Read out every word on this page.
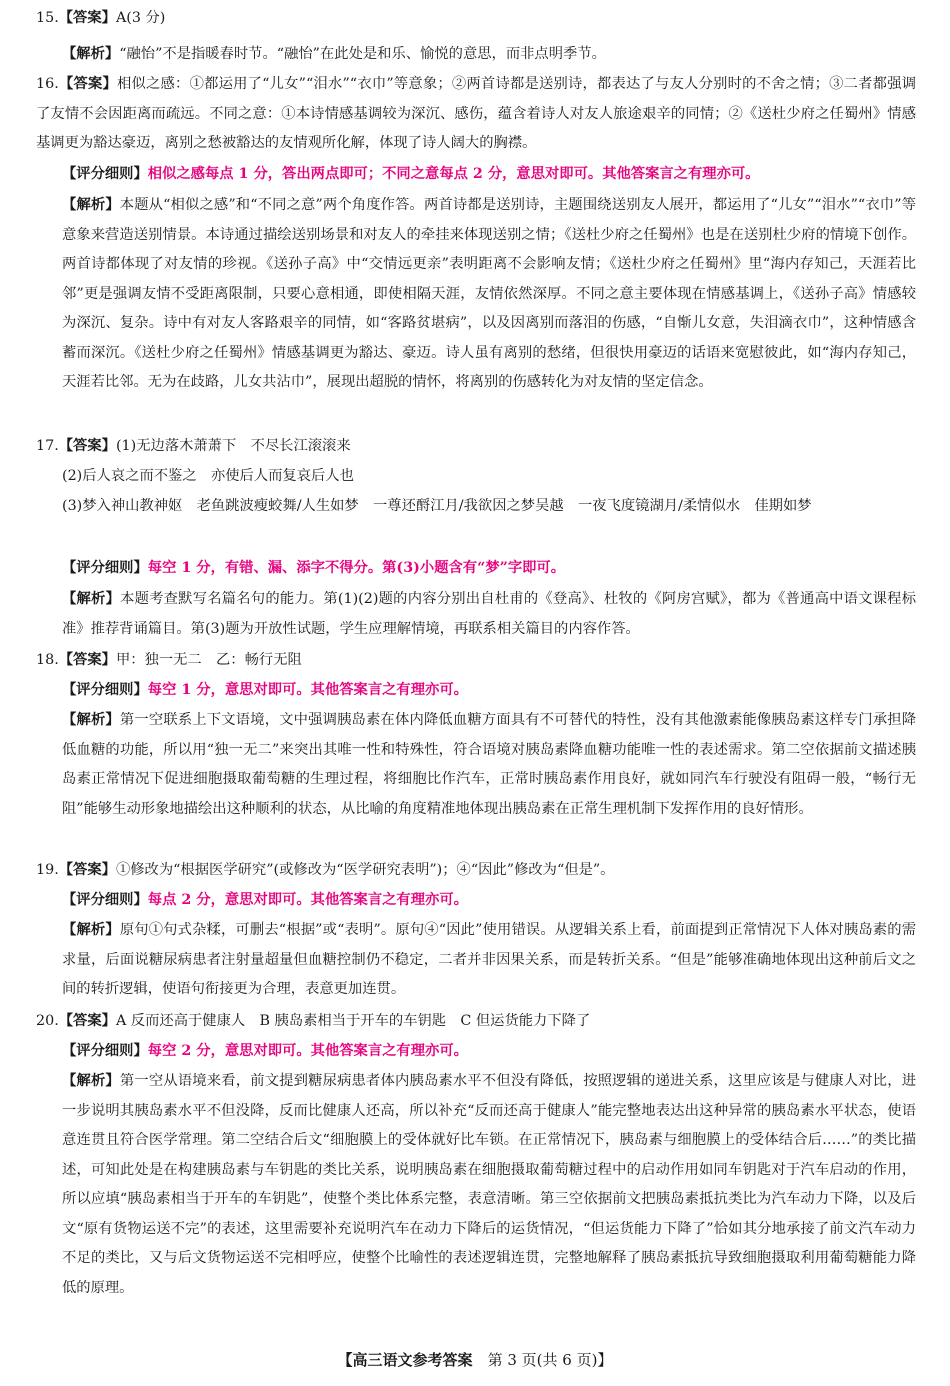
15.【答案】A(3 分)

【解析】“融怡”不是指暖春时节。“融怡”在此处是和乐、愉悦的意思，而非点明季节。

16.【答案】相似之感：①都运用了“儿女”“泪水”“衣巾”等意象；②两首诗都是送别诗，都表达了与友人分别时的不舍之情；③二者都强调了友情不会因距离而疏远。不同之意：①本诗情感基调较为深沉、感伤，蕴含着诗人对友人旅途艰辛的同情；②《送杜少府之任蜀州》情感基调更为豁达豪迈，离别之愁被豁达的友情观所化解，体现了诗人阔大的胸襟。

【评分细则】相似之感每点 1 分，答出两点即可；不同之意每点 2 分，意思对即可。其他答案言之有理亦可。

【解析】本题从“相似之感”和“不同之意”两个角度作答。两首诗都是送别诗，主题围绕送别友人展开，都运用了“儿女”“泪水”“衣巾”等意象来营造送别情景。本诗通过描绘送别场景和对友人的牵挂来体现送别之情；《送杜少府之任蜀州》也是在送别杜少府的情境下创作。两首诗都体现了对友情的珍视。《送孙子高》中“交情远更亲”表明距离不会影响友情；《送杜少府之任蜀州》里“海内存知己，天涯若比邻”更是强调友情不受距离限制，只要心意相通，即使相隔天涯，友情依然深厚。不同之意主要体现在情感基调上，《送孙子高》情感较为深沉、复杂。诗中有对友人客路艰辛的同情，如“客路贫堪病”，以及因离别而落泪的伤感，“自惭儿女意，失泪滴衣巾”，这种情感含蓄而深沉。《送杜少府之任蜀州》情感基调更为豁达、豪迈。诗人虽有离别的愁绪，但很快用豪迈的话语来宽慰彼此，如“海内存知己，天涯若比邻。无为在歧路，儿女共沾巾”，展现出超脱的情怀，将离别的伤感转化为对友情的坚定信念。

17.【答案】(1)无边落木萧萧下　不尽长江滚滚来

(2)后人哀之而不鉴之　亦使后人而复哀后人也

(3)梦入神山教神妪　老鱼跳波瘦蛟舞/人生如梦　一尊还酹江月/我欲因之梦吴越　一夜飞度镜湖月/柔情似水　佳期如梦

【评分细则】每空 1 分，有错、漏、添字不得分。第(3)小题含有“梦”字即可。

【解析】本题考查默写名篇名句的能力。第(1)(2)题的内容分别出自杜甫的《登高》、杜牧的《阿房宫赋》，都为《普通高中语文课程标准》推荐背诵篇目。第(3)题为开放性试题，学生应理解情境，再联系相关篇目的内容作答。

18.【答案】甲：独一无二　乙：畅行无阻

【评分细则】每空 1 分，意思对即可。其他答案言之有理亦可。

【解析】第一空联系上下文语境，文中强调胰岛素在体内降低血糖方面具有不可替代的特性，没有其他激素能像胰岛素这样专门承担降低血糖的功能，所以用“独一无二”来突出其唯一性和特殊性，符合语境对胰岛素降血糖功能唯一性的表述需求。第二空依据前文描述胰岛素正常情况下促进细胞摄取葡萄糖的生理过程，将细胞比作汽车，正常时胰岛素作用良好，就如同汽车行驶没有阻碍一般，“畅行无阻”能够生动形象地描绘出这种顺利的状态，从比喻的角度精准地体现出胰岛素在正常生理机制下发挥作用的良好情形。

19.【答案】①修改为“根据医学研究”(或修改为“医学研究表明”)；④“因此”修改为“但是”。

【评分细则】每点 2 分，意思对即可。其他答案言之有理亦可。

【解析】原句①句式杂糅，可删去“根据”或“表明”。原句④“因此”使用错误。从逻辑关系上看，前面提到正常情况下人体对胰岛素的需求量，后面说糖尿病患者注射量超量但血糖控制仍不稳定，二者并非因果关系，而是转折关系。“但是”能够准确地体现出这种前后文之间的转折逻辑，使语句衔接更为合理，表意更加连贯。

20.【答案】A 反而还高于健康人　B 胰岛素相当于开车的车钥匙　C 但运货能力下降了

【评分细则】每空 2 分，意思对即可。其他答案言之有理亦可。

【解析】第一空从语境来看，前文提到糖尿病患者体内胰岛素水平不但没有降低，按照逻辑的递进关系，这里应该是与健康人对比，进一步说明其胰岛素水平不但没降，反而比健康人还高，所以补充“反而还高于健康人”能完整地表达出这种异常的胰岛素水平状态，使语意连贯且符合医学常理。第二空结合后文“细胞膜上的受体就好比车锁。在正常情况下，胰岛素与细胞膜上的受体结合后……”的类比描述，可知此处是在构建胰岛素与车钥匙的类比关系，说明胰岛素在细胞摄取葡萄糖过程中的启动作用如同车钥匙对于汽车启动的作用，所以应填“胰岛素相当于开车的车钥匙”，使整个类比体系完整，表意清晰。第三空依据前文把胰岛素抵抗类比为汽车动力下降，以及后文“原有货物运送不完”的表述，这里需要补充说明汽车在动力下降后的运货情况，“但运货能力下降了”恰如其分地承接了前文汽车动力不足的类比，又与后文货物运送不完相呼应，使整个比喻性的表述逻辑连贯，完整地解释了胰岛素抵抗导致细胞摄取利用葡萄糖能力降低的原理。

【高三语文参考答案　 第 3 页(共 6 页)】
